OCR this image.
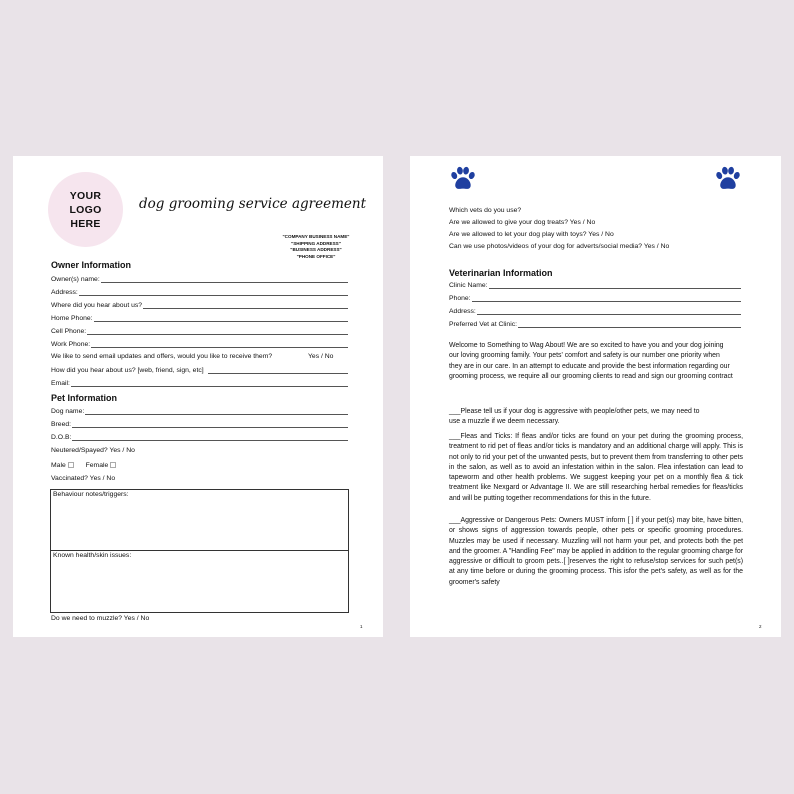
YOUR
LOGO
HERE
dog grooming service agreement
"COMPANY BUSINESS NAME"
"SHIPPING ADDRESS"
"BUSINESS ADDRESS"
"PHONE OFFICE"
Owner Information
Owner(s) name:
Address:
Where did you hear about us?
Home Phone:
Cell Phone:
Work Phone:
We like to send email updates and offers, would you like to receive them?	Yes / No
How did you hear about us? [web, friend, sign, etc]
Email:
Pet Information
Dog name:
Breed:
D.O.B:
Neutered/Spayed? Yes / No
Male	Female
Vaccinated? Yes / No
Behaviour notes/triggers:
Known health/skin issues:
Do we need to muzzle? Yes / No
1
Which vets do you use?
Are we allowed to give your dog treats? Yes / No
Are we allowed to let your dog play with toys? Yes / No
Can we use photos/videos of your dog for adverts/social media? Yes / No
Veterinarian Information
Clinic Name:
Phone:
Address:
Preferred Vet at Clinic:
Welcome to Something to Wag About! We are so excited to have you and your dog joining our loving grooming family. Your pets' comfort and safety is our number one priority when they are in our care. In an attempt to educate and provide the best information regarding our grooming process, we require all our grooming clients to read and sign our grooming contract
___Please tell us if your dog is aggressive with people/other pets, we may need to use a muzzle if we deem necessary.
___Fleas and Ticks: If fleas and/or ticks are found on your pet during the grooming process, treatment to rid pet of fleas and/or ticks is mandatory and an additional charge will apply. This is not only to rid your pet of the unwanted pests, but to prevent them from transferring to other pets in the salon, as well as to avoid an infestation within in the salon. Flea infestation can lead to tapeworm and other health problems. We suggest keeping your pet on a monthly flea & tick treatment like Nexgard or Advantage II. We are still researching herbal remedies for fleas/ticks and will be putting together recommendations for this in the future.
___Aggressive or Dangerous Pets: Owners MUST inform [ ] if your pet(s) may bite, have bitten, or shows signs of aggression towards people, other pets or specific grooming procedures. Muzzles may be used if necessary. Muzzling will not harm your pet, and protects both the pet and the groomer. A "Handling Fee" may be applied in addition to the regular grooming charge for aggressive or difficult to groom pets..[ ]reserves the right to refuse/stop services for such pet(s) at any time before or during the grooming process. This isfor the pet's safety, as well as for the groomer's safety
2
